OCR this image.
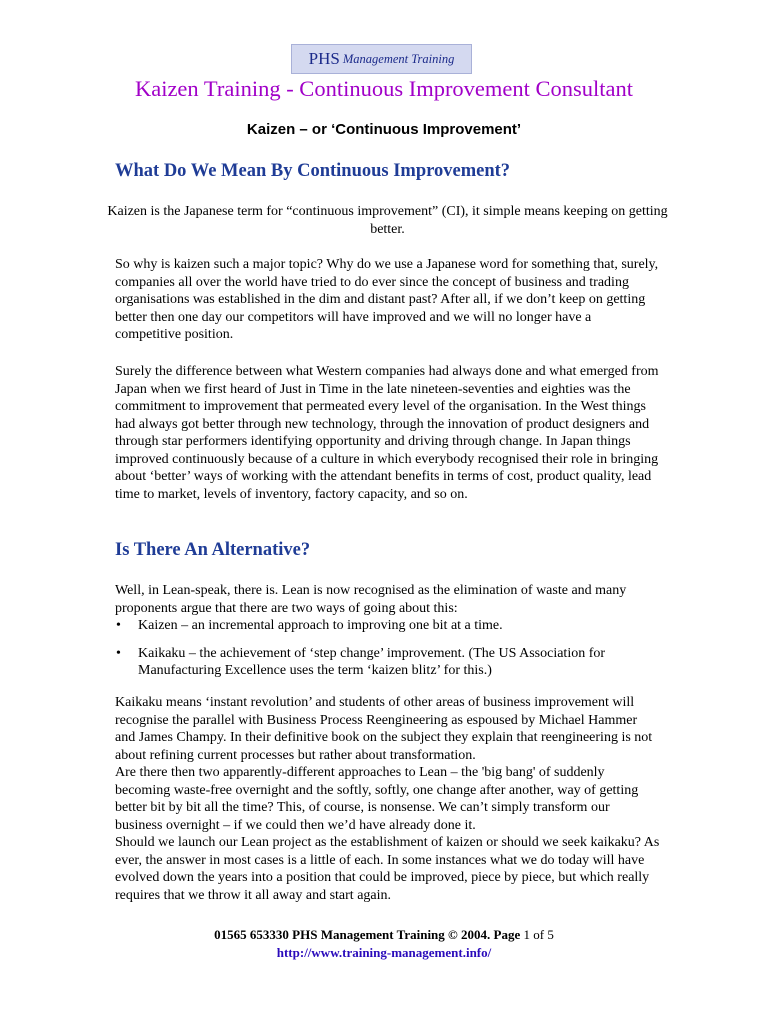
PHS Management Training
Kaizen Training - Continuous Improvement Consultant
Kaizen – or ‘Continuous Improvement’
What Do We Mean By Continuous Improvement?

Kaizen is the Japanese term for “continuous improvement” (CI), it simple means keeping on getting better.

So why is kaizen such a major topic? Why do we use a Japanese word for something that, surely, companies all over the world have tried to do ever since the concept of business and trading organisations was established in the dim and distant past? After all, if we don’t keep on getting better then one day our competitors will have improved and we will no longer have a competitive position.

Surely the difference between what Western companies had always done and what emerged from Japan when we first heard of Just in Time in the late nineteen-seventies and eighties was the commitment to improvement that permeated every level of the organisation. In the West things had always got better through new technology, through the innovation of product designers and through star performers identifying opportunity and driving through change. In Japan things improved continuously because of a culture in which everybody recognised their role in bringing about ‘better’ ways of working with the attendant benefits in terms of cost, product quality, lead time to market, levels of inventory, factory capacity, and so on.

Is There An Alternative?

Well, in Lean-speak, there is. Lean is now recognised as the elimination of waste and many proponents argue that there are two ways of going about this:

• Kaizen – an incremental approach to improving one bit at a time.
• Kaikaku – the achievement of ‘step change’ improvement. (The US Association for Manufacturing Excellence uses the term ‘kaizen blitz’ for this.)

Kaikaku means ‘instant revolution’ and students of other areas of business improvement will recognise the parallel with Business Process Reengineering as espoused by Michael Hammer and James Champy. In their definitive book on the subject they explain that reengineering is not about refining current processes but rather about transformation.

Are there then two apparently-different approaches to Lean – the 'big bang' of suddenly becoming waste-free overnight and the softly, softly, one change after another, way of getting better bit by bit all the time? This, of course, is nonsense. We can’t simply transform our business overnight – if we could then we’d have already done it.

Should we launch our Lean project as the establishment of kaizen or should we seek kaikaku? As ever, the answer in most cases is a little of each. In some instances what we do today will have evolved down the years into a position that could be improved, piece by piece, but which really requires that we throw it all away and start again.

01565 653330 PHS Management Training © 2004. Page 1 of 5
http://www.training-management.info/
